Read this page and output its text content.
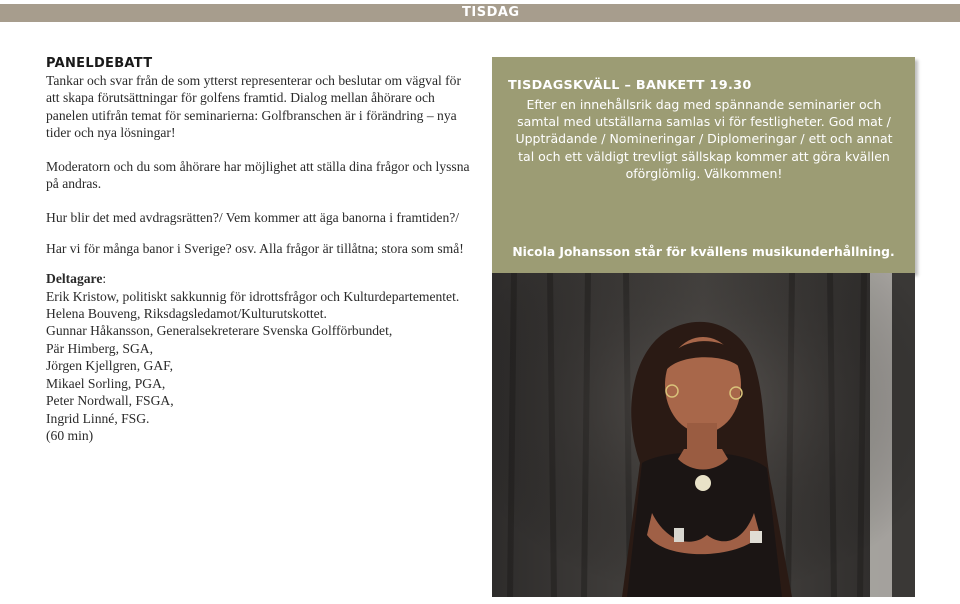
TISDAG
PANELDEBATT

Tankar och svar från de som ytterst representerar och beslutar om vägval för att skapa förutsättningar för golfens framtid. Dialog mellan åhörare och panelen utifrån temat för seminarierna: Golfbranschen är i förändring – nya tider och nya lösningar!

Moderatorn och du som åhörare har möjlighet att ställa dina frågor och lyssna på andras.

Hur blir det med avdragsrätten?/ Vem kommer att äga banorna i framtiden?/

Har vi för många banor i Sverige? osv. Alla frågor är tillåtna; stora som små!

Deltagare:

Erik Kristow, politiskt sakkunnig för idrottsfrågor och Kulturdepartementet.
Helena Bouveng, Riksdagsledamot/Kulturutskottet.
Gunnar Håkansson, Generalsekreterare Svenska Golfförbundet,
Pär Himberg, SGA,
Jörgen Kjellgren, GAF,
Mikael Sorling, PGA,
Peter Nordwall, FSGA,
Ingrid Linné, FSG.
(60 min)
TISDAGSKVÄLL – BANKETT 19.30
Efter en innehållsrik dag med spännande seminarier och samtal med utställarna samlas vi för festligheter. God mat / Uppträdande / Nomineringar / Diplomeringar / ett och annat tal och ett väldigt trevligt sällskap kommer att göra kvällen oförglömlig. Välkommen!
Nicola Johansson står för kvällens musikunderhållning.
